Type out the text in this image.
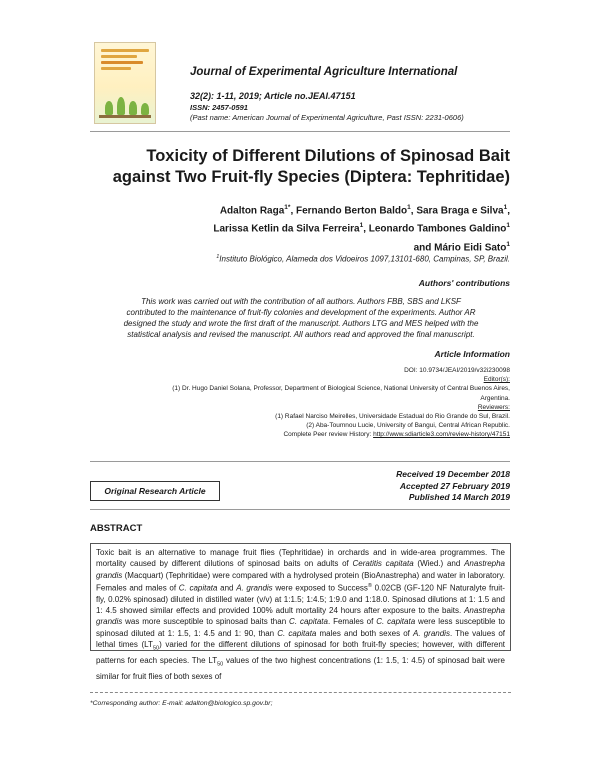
Journal of Experimental Agriculture International
32(2): 1-11, 2019; Article no.JEAI.47151
ISSN: 2457-0591
(Past name: American Journal of Experimental Agriculture, Past ISSN: 2231-0606)
Toxicity of Different Dilutions of Spinosad Bait
against Two Fruit-fly Species (Diptera: Tephritidae)
Adalton Raga$^{1*}$, Fernando Berton Baldo$^1$, Sara Braga e Silva$^1$,
Larissa Ketlin da Silva Ferreira$^1$, Leonardo Tambones Galdino$^1$
and Mário Eidi Sato$^1$
$^1$Instituto Biológico, Alameda dos Vidoeiros 1097,13101-680, Campinas, SP, Brazil.
Authors' contributions
This work was carried out with the contribution of all authors. Authors FBB, SBS and LKSF
contributed to the maintenance of fruit-fly colonies and development of the experiments. Author AR
designed the study and wrote the first draft of the manuscript. Authors LTG and MES helped with the
statistical analysis and revised the manuscript. All authors read and approved the final manuscript.
Article Information
DOI: 10.9734/JEAI/2019/v32i230098
Editor(s):
(1) Dr. Hugo Daniel Solana, Professor, Department of Biological Science, National University of Central Buenos Aires,
Argentina.
Reviewers:
(1) Rafael Narciso Meirelles, Universidade Estadual do Rio Grande do Sul, Brazil.
(2) Aba-Toumnou Lucie, University of Bangui, Central African Republic.
Complete Peer review History: http://www.sdiarticle3.com/review-history/47151
Received 19 December 2018
Accepted 27 February 2019
Published 14 March 2019
Original Research Article
ABSTRACT
Toxic bait is an alternative to manage fruit flies (Tephritidae) in orchards and in wide-area programmes. The mortality caused by different dilutions of spinosad baits on adults of Ceratitis capitata (Wied.) and Anastrepha grandis (Macquart) (Tephritidae) were compared with a hydrolysed protein (BioAnastrepha) and water in laboratory. Females and males of C. capitata and A. grandis were exposed to Success® 0.02CB (GF-120 NF Naturalyte fruit-fly, 0.02% spinosad) diluted in distilled water (v/v) at 1:1.5; 1:4.5; 1:9.0 and 1:18.0. Spinosad dilutions at 1: 1.5 and 1: 4.5 showed similar effects and provided 100% adult mortality 24 hours after exposure to the baits. Anastrepha grandis was more susceptible to spinosad baits than C. capitata. Females of C. capitata were less susceptible to spinosad diluted at 1: 1.5, 1: 4.5 and 1: 90, than C. capitata males and both sexes of A. grandis. The values of lethal times $(LT_{50})$ varied for the different dilutions of spinosad for both fruit-fly species; however, with different patterns for each species. The $LT_{50}$ values of the two highest concentrations (1: 1.5, 1: 4.5) of spinosad bait were similar for fruit flies of both sexes of
*Corresponding author: E-mail: adalton@biologico.sp.gov.br;
